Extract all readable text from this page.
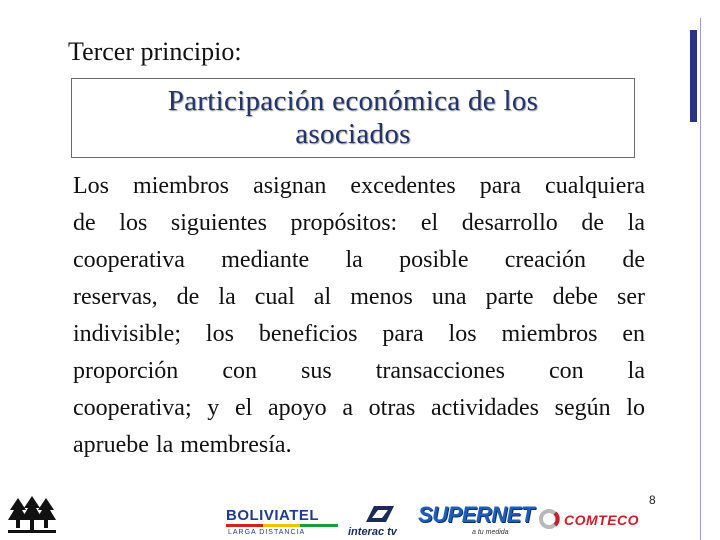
Tercer principio:
Participación económica de los
asociados
Los miembros asignan excedentes para cualquiera
de los siguientes propósitos: el desarrollo de la
cooperativa mediante la posible creación de
reservas, de la cual al menos una parte debe ser
indivisible; los beneficios para los miembros en
proporción con sus transacciones con la
cooperativa; y el apoyo a otras actividades según lo
apruebe la membresía.
8
BOLIVIATEL
LARGA DISTANCIA	interac tv
SUPERNET
a tu medida
COMTECO
